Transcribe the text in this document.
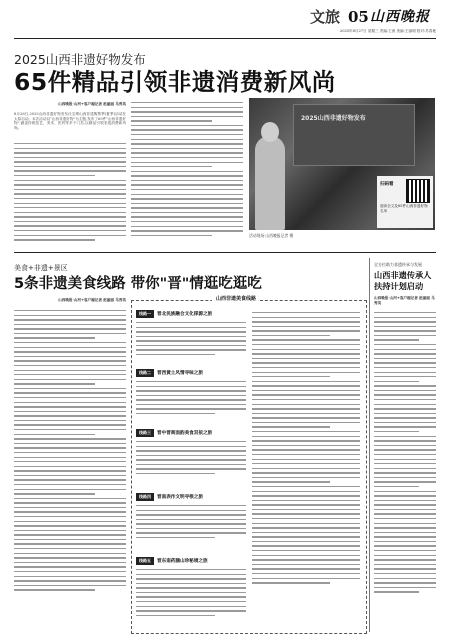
文旅 05 山西晚报
2025年8月27日 星期三 责编:王茜 美编:王丽明 校对:苏春艳
2025山西非遗好物发布
65件精品引领非遗消费新风尚
山西晚报·山河+客户端记者 赵丽丽 马秀英
8月26日,2025山西非遗好物发布仕宝博山西非遗购票季(夏季)活动在太原启动。本次活动以"山西非遗好物"为主题,发布了65件"山西非遗好物",涵盖传统技艺、美术、医药等多个门类,以精品引领非遗消费新风尚。
2025山西非遗好物发布
扫码看
阅读全文及65件山西非遗好物名单
活动现场·山西晚报记者 摄
美食+非遗+景区
5条非遗美食线路 带你"晋"情逛吃逛吃
山西晚报·山河+客户端记者 赵丽丽 马秀英	山西非遗美食线路
线路一 晋北民族融合文化探源之旅
线路二 晋西黄土风情寻味之旅
线路三 晋中晋商面韵美食双依之旅
线路四 晋南表作文明寻根之旅
线路五 晋东南药膳山珍秘境之旅
全方位助力非遗传承与发展
山西非遗传承人
扶持计划启动
山西晚报·山河+客户端记者 赵丽丽 马秀英
